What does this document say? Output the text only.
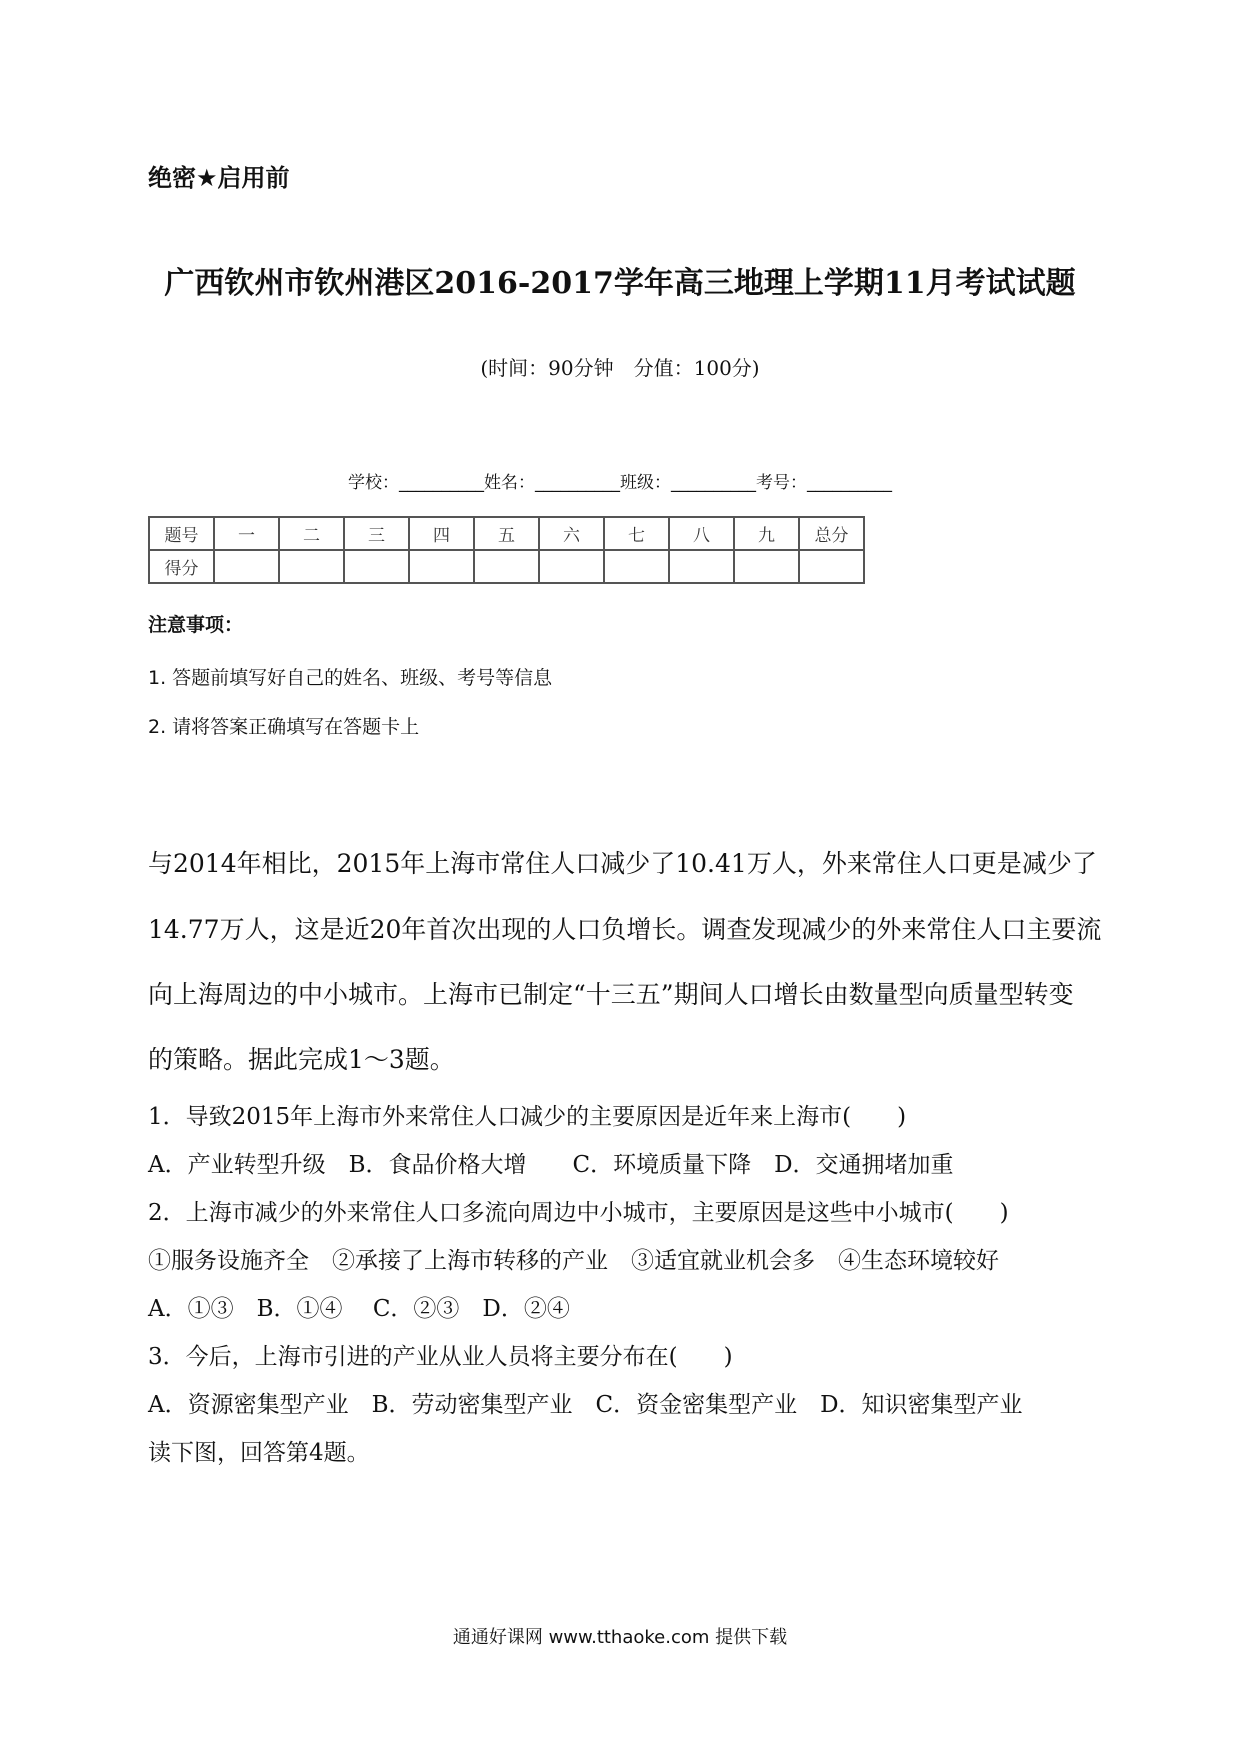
绝密★启用前
广西钦州市钦州港区2016-2017学年高三地理上学期11月考试试题
(时间：90分钟　分值：100分)
学校：__________姓名：__________班级：__________考号：__________
题号	一	二	三	四	五	六	七	八	九	总分
得分										
注意事项：
1. 答题前填写好自己的姓名、班级、考号等信息
2. 请将答案正确填写在答题卡上
与2014年相比，2015年上海市常住人口减少了10.41万人，外来常住人口更是减少了
14.77万人，这是近20年首次出现的人口负增长。调查发现减少的外来常住人口主要流
向上海周边的中小城市。上海市已制定“十三五”期间人口增长由数量型向质量型转变
的策略。据此完成1～3题。
1．导致2015年上海市外来常住人口减少的主要原因是近年来上海市(　　)
A．产业转型升级　B．食品价格大增　　C．环境质量下降　D．交通拥堵加重
2．上海市减少的外来常住人口多流向周边中小城市，主要原因是这些中小城市(　　)
①服务设施齐全　②承接了上海市转移的产业　③适宜就业机会多　④生态环境较好
A．①③　B．①④　 C．②③　D．②④
3．今后，上海市引进的产业从业人员将主要分布在(　　)
A．资源密集型产业　B．劳动密集型产业　C．资金密集型产业　D．知识密集型产业
读下图，回答第4题。
通通好课网 www.tthaoke.com 提供下载
